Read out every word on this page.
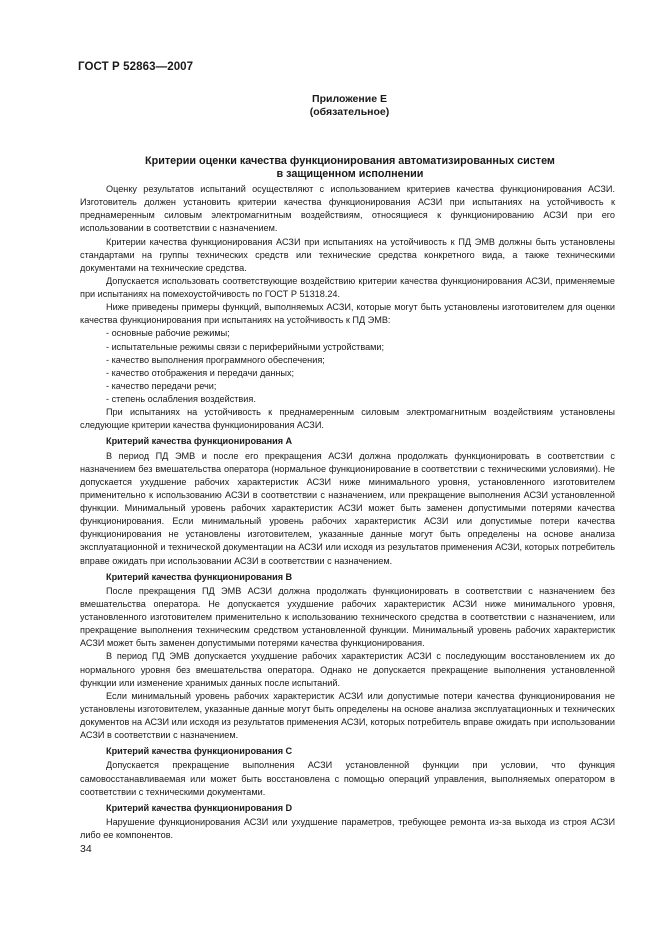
ГОСТ Р 52863—2007
Приложение Е
(обязательное)
Критерии оценки качества функционирования автоматизированных систем
в защищенном исполнении

Оценку результатов испытаний осуществляют с использованием критериев качества функционирования АСЗИ. Изготовитель должен установить критерии качества функционирования АСЗИ при испытаниях на устойчивость к преднамеренным силовым электромагнитным воздействиям, относящиеся к функционированию АСЗИ при его использовании в соответствии с назначением.

Критерии качества функционирования АСЗИ при испытаниях на устойчивость к ПД ЭМВ должны быть установлены стандартами на группы технических средств или технические средства конкретного вида, а также техническими документами на технические средства.

Допускается использовать соответствующие воздействию критерии качества функционирования АСЗИ, применяемые при испытаниях на помехоустойчивость по ГОСТ Р 51318.24.

Ниже приведены примеры функций, выполняемых АСЗИ, которые могут быть установлены изготовителем для оценки качества функционирования при испытаниях на устойчивость к ПД ЭМВ:

- основные рабочие режимы;
- испытательные режимы связи с периферийными устройствами;
- качество выполнения программного обеспечения;
- качество отображения и передачи данных;
- качество передачи речи;
- степень ослабления воздействия.

При испытаниях на устойчивость к преднамеренным силовым электромагнитным воздействиям установлены следующие критерии качества функционирования АСЗИ.

Критерий качества функционирования А

В период ПД ЭМВ и после его прекращения АСЗИ должна продолжать функционировать в соответствии с назначением без вмешательства оператора (нормальное функционирование в соответствии с техническими условиями). Не допускается ухудшение рабочих характеристик АСЗИ ниже минимального уровня, установленного изготовителем применительно к использованию АСЗИ в соответствии с назначением, или прекращение выполнения АСЗИ установленной функции. Минимальный уровень рабочих характеристик АСЗИ может быть заменен допустимыми потерями качества функционирования. Если минимальный уровень рабочих характеристик АСЗИ или допустимые потери качества функционирования не установлены изготовителем, указанные данные могут быть определены на основе анализа эксплуатационной и технической документации на АСЗИ или исходя из результатов применения АСЗИ, которых потребитель вправе ожидать при использовании АСЗИ в соответствии с назначением.

Критерий качества функционирования В

После прекращения ПД ЭМВ АСЗИ должна продолжать функционировать в соответствии с назначением без вмешательства оператора. Не допускается ухудшение рабочих характеристик АСЗИ ниже минимального уровня, установленного изготовителем применительно к использованию технического средства в соответствии с назначением, или прекращение выполнения техническим средством установленной функции. Минимальный уровень рабочих характеристик АСЗИ может быть заменен допустимыми потерями качества функционирования.

В период ПД ЭМВ допускается ухудшение рабочих характеристик АСЗИ с последующим восстановлением их до нормального уровня без вмешательства оператора. Однако не допускается прекращение выполнения установленной функции или изменение хранимых данных после испытаний.

Если минимальный уровень рабочих характеристик АСЗИ или допустимые потери качества функционирования не установлены изготовителем, указанные данные могут быть определены на основе анализа эксплуатационных и технических документов на АСЗИ или исходя из результатов применения АСЗИ, которых потребитель вправе ожидать при использовании АСЗИ в соответствии с назначением.

Критерий качества функционирования С

Допускается прекращение выполнения АСЗИ установленной функции при условии, что функция самовосстанавливаемая или может быть восстановлена с помощью операций управления, выполняемых оператором в соответствии с техническими документами.

Критерий качества функционирования D

Нарушение функционирования АСЗИ или ухудшение параметров, требующее ремонта из-за выхода из строя АСЗИ либо ее компонентов.

34
